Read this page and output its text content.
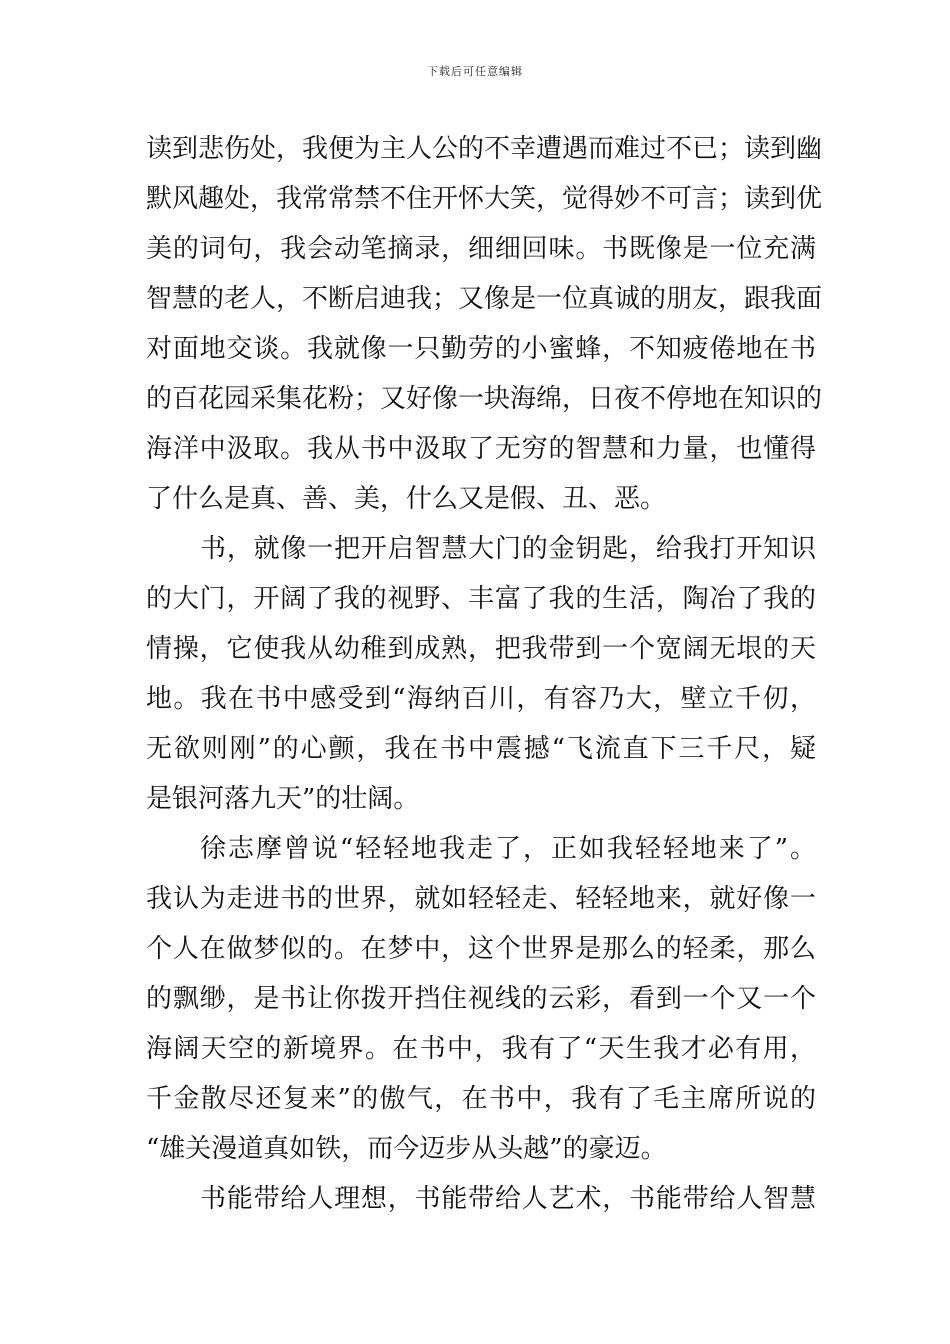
下载后可任意编辑
读到悲伤处，我便为主人公的不幸遭遇而难过不已；读到幽
默风趣处，我常常禁不住开怀大笑，觉得妙不可言；读到优
美的词句，我会动笔摘录，细细回味。书既像是一位充满
智慧的老人，不断启迪我；又像是一位真诚的朋友，跟我面
对面地交谈。我就像一只勤劳的小蜜蜂，不知疲倦地在书
的百花园采集花粉；又好像一块海绵，日夜不停地在知识的
海洋中汲取。我从书中汲取了无穷的智慧和力量，也懂得
了什么是真、善、美，什么又是假、丑、恶。
书，就像一把开启智慧大门的金钥匙，给我打开知识
的大门，开阔了我的视野、丰富了我的生活，陶冶了我的
情操，它使我从幼稚到成熟，把我带到一个宽阔无垠的天
地。我在书中感受到“海纳百川，有容乃大，壁立千仞，
无欲则刚”的心颤，我在书中震撼“飞流直下三千尺，疑
是银河落九天”的壮阔。
徐志摩曾说“轻轻地我走了，正如我轻轻地来了”。
我认为走进书的世界，就如轻轻走、轻轻地来，就好像一
个人在做梦似的。在梦中，这个世界是那么的轻柔，那么
的飘缈，是书让你拨开挡住视线的云彩，看到一个又一个
海阔天空的新境界。在书中，我有了“天生我才必有用，
千金散尽还复来”的傲气，在书中，我有了毛主席所说的
“雄关漫道真如铁，而今迈步从头越”的豪迈。
书能带给人理想，书能带给人艺术，书能带给人智慧
